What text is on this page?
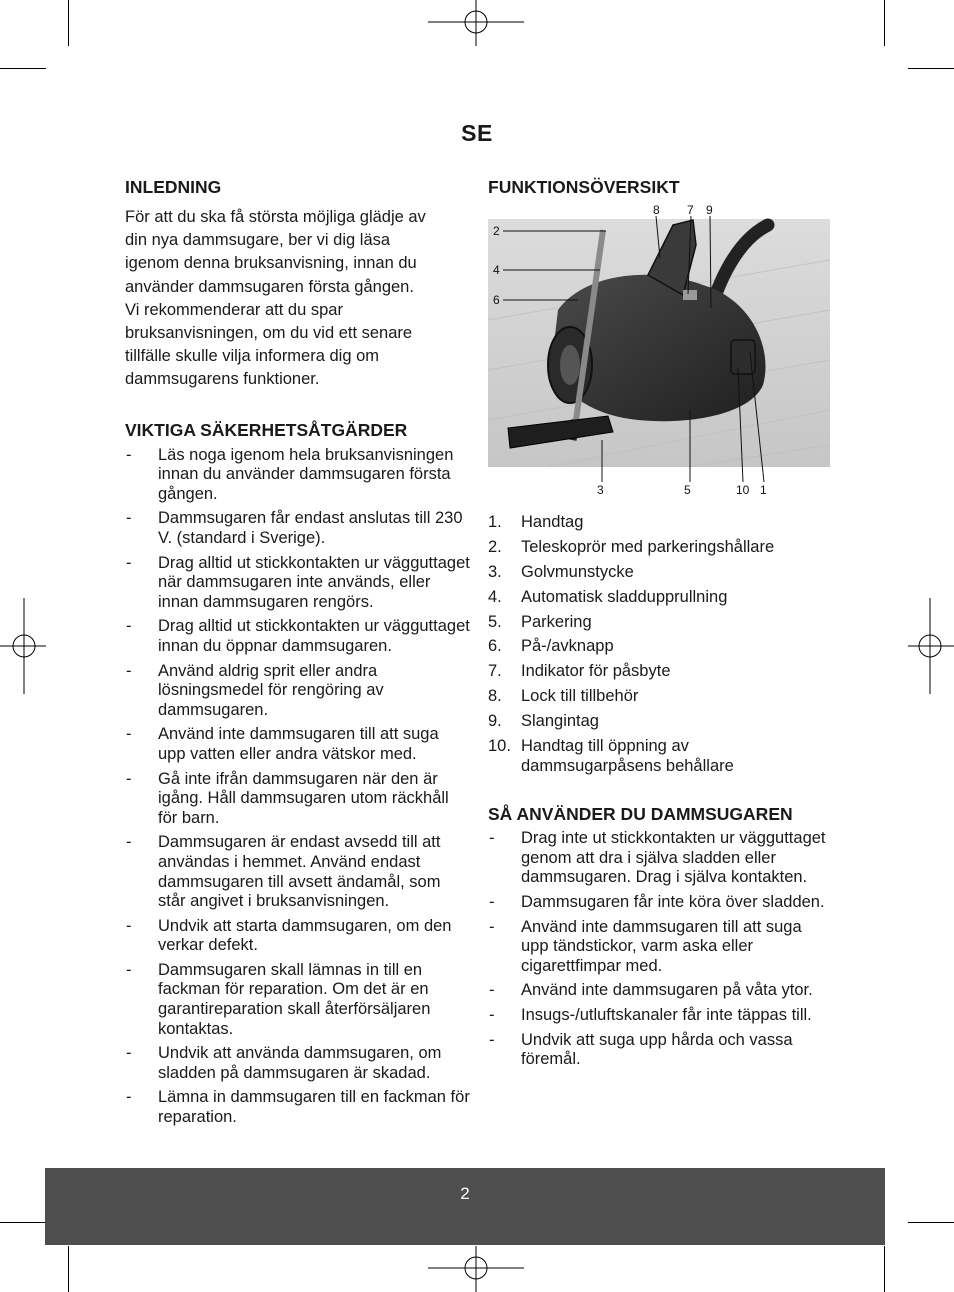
SE
INLEDNING
För att du ska få största möjliga glädje av
din nya dammsugare, ber vi dig läsa
igenom denna bruksanvisning, innan du
använder dammsugaren första gången.
Vi rekommenderar att du spar
bruksanvisningen, om du vid ett senare
tillfälle skulle vilja informera dig om
dammsugarens funktioner.
VIKTIGA SÄKERHETSÅTGÄRDER
- Läs noga igenom hela bruksanvisningen innan du använder dammsugaren första gången.
- Dammsugaren får endast anslutas till 230 V. (standard i Sverige).
- Drag alltid ut stickkontakten ur vägguttaget när dammsugaren inte används, eller innan dammsugaren rengörs.
- Drag alltid ut stickkontakten ur vägguttaget innan du öppnar dammsugaren.
- Använd aldrig sprit eller andra lösningsmedel för rengöring av dammsugaren.
- Använd inte dammsugaren till att suga upp vatten eller andra vätskor med.
- Gå inte ifrån dammsugaren när den är igång. Håll dammsugaren utom räckhåll för barn.
- Dammsugaren är endast avsedd till att användas i hemmet. Använd endast dammsugaren till avsett ändamål, som står angivet i bruksanvisningen.
- Undvik att starta dammsugaren, om den verkar defekt.
- Dammsugaren skall lämnas in till en fackman för reparation. Om det är en garantireparation skall återförsäljaren kontaktas.
- Undvik att använda dammsugaren, om sladden på dammsugaren är skadad.
- Lämna in dammsugaren till en fackman för reparation.
FUNKTIONSÖVERSIKT
8 7 9
2
4
6
3	5	10 1
1. Handtag
2. Teleskoprör med parkeringshållare
3. Golvmunstycke
4. Automatisk sladdupprullning
5. Parkering
6. På-/avknapp
7. Indikator för påsbyte
8. Lock till tillbehör
9. Slangintag
10. Handtag till öppning av dammsugarpåsens behållare
SÅ ANVÄNDER DU DAMMSUGAREN
- Drag inte ut stickkontakten ur vägguttaget genom att dra i själva sladden eller dammsugaren. Drag i själva kontakten.
- Dammsugaren får inte köra över sladden.
- Använd inte dammsugaren till att suga upp tändstickor, varm aska eller cigarettfimpar med.
- Använd inte dammsugaren på våta ytor.
- Insugs-/utluftskanaler får inte täppas till.
- Undvik att suga upp hårda och vassa föremål.
2
